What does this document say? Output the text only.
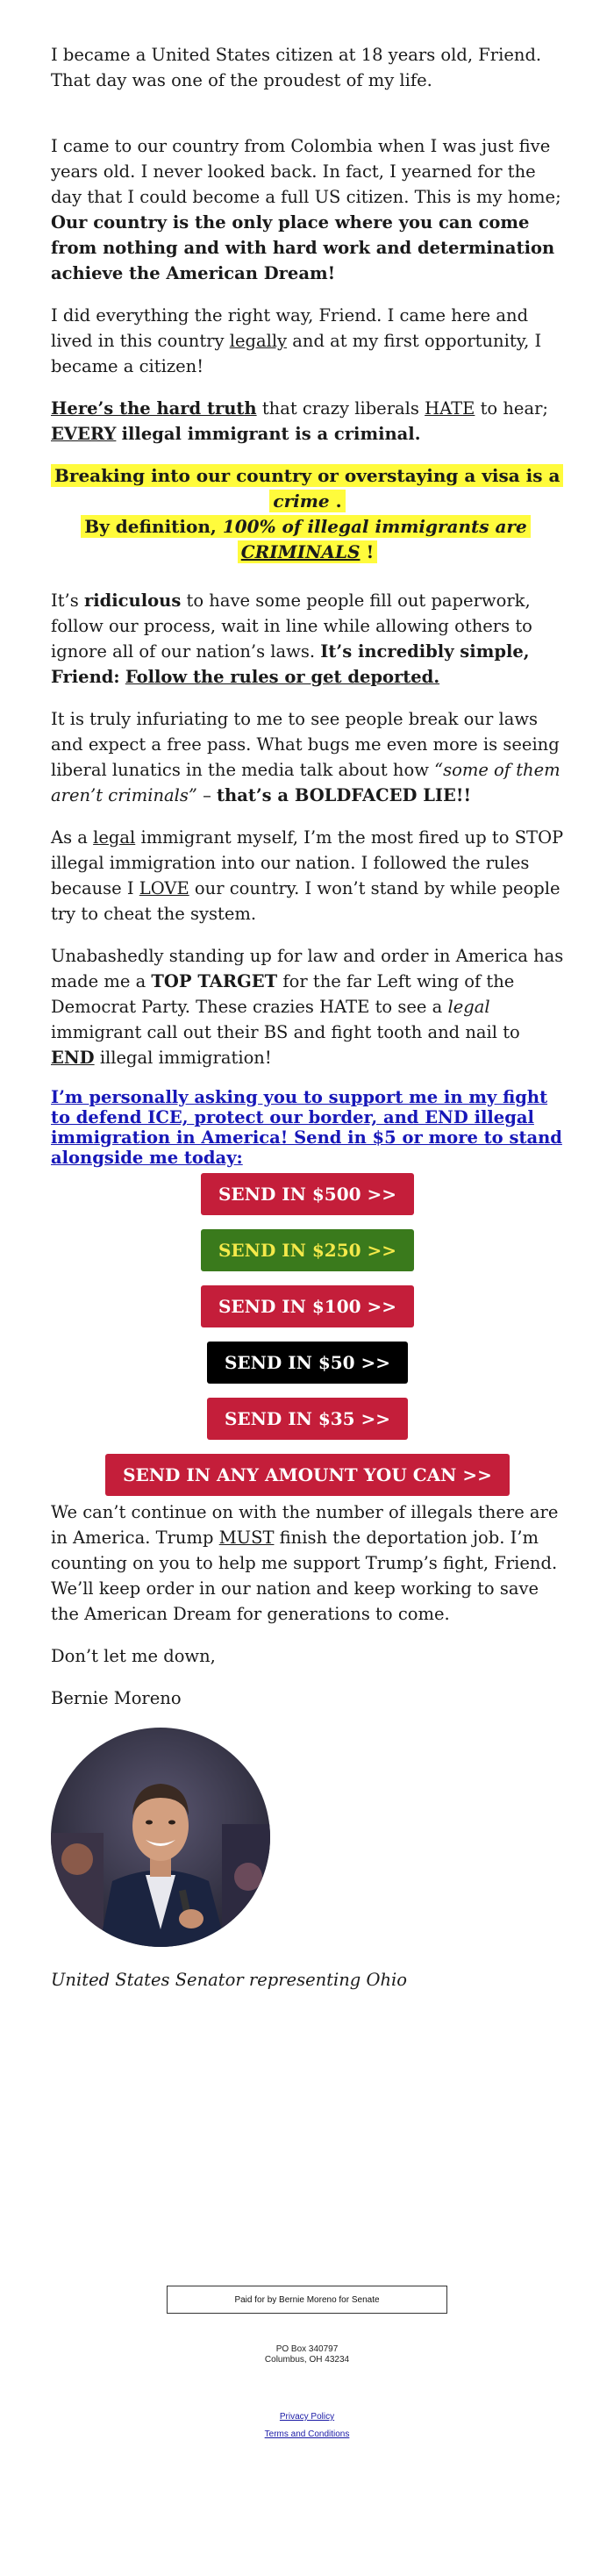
I became a United States citizen at 18 years old, Friend. That day was one of the proudest of my life.

I came to our country from Colombia when I was just five years old. I never looked back. In fact, I yearned for the day that I could become a full US citizen. This is my home; Our country is the only place where you can come from nothing and with hard work and determination achieve the American Dream!

I did everything the right way, Friend. I came here and lived in this country legally and at my first opportunity, I became a citizen!

Here’s the hard truth that crazy liberals HATE to hear; EVERY illegal immigrant is a criminal.

Breaking into our country or overstaying a visa is a crime .
By definition, 100% of illegal immigrants are CRIMINALS !

It’s ridiculous to have some people fill out paperwork, follow our process, wait in line while allowing others to ignore all of our nation’s laws. It’s incredibly simple, Friend: Follow the rules or get deported.

It is truly infuriating to me to see people break our laws and expect a free pass. What bugs me even more is seeing liberal lunatics in the media talk about how “some of them aren’t criminals” – that’s a BOLDFACED LIE!!

As a legal immigrant myself, I’m the most fired up to STOP illegal immigration into our nation. I followed the rules because I LOVE our country. I won’t stand by while people try to cheat the system.

Unabashedly standing up for law and order in America has made me a TOP TARGET for the far Left wing of the Democrat Party. These crazies HATE to see a legal immigrant call out their BS and fight tooth and nail to END illegal immigration!

I’m personally asking you to support me in my fight to defend ICE, protect our border, and END illegal immigration in America! Send in $5 or more to stand alongside me today:
SEND IN $500 >>
SEND IN $250 >>
SEND IN $100 >>
SEND IN $50 >>
SEND IN $35 >>
SEND IN ANY AMOUNT YOU CAN >>

We can’t continue on with the number of illegals there are in America. Trump MUST finish the deportation job. I’m counting on you to help me support Trump’s fight, Friend. We’ll keep order in our nation and keep working to save the American Dream for generations to come.

Don’t let me down,

Bernie Moreno

United States Senator representing Ohio

Paid for by Bernie Moreno for Senate
PO Box 340797
Columbus, OH 43234
Privacy Policy
Terms and Conditions
